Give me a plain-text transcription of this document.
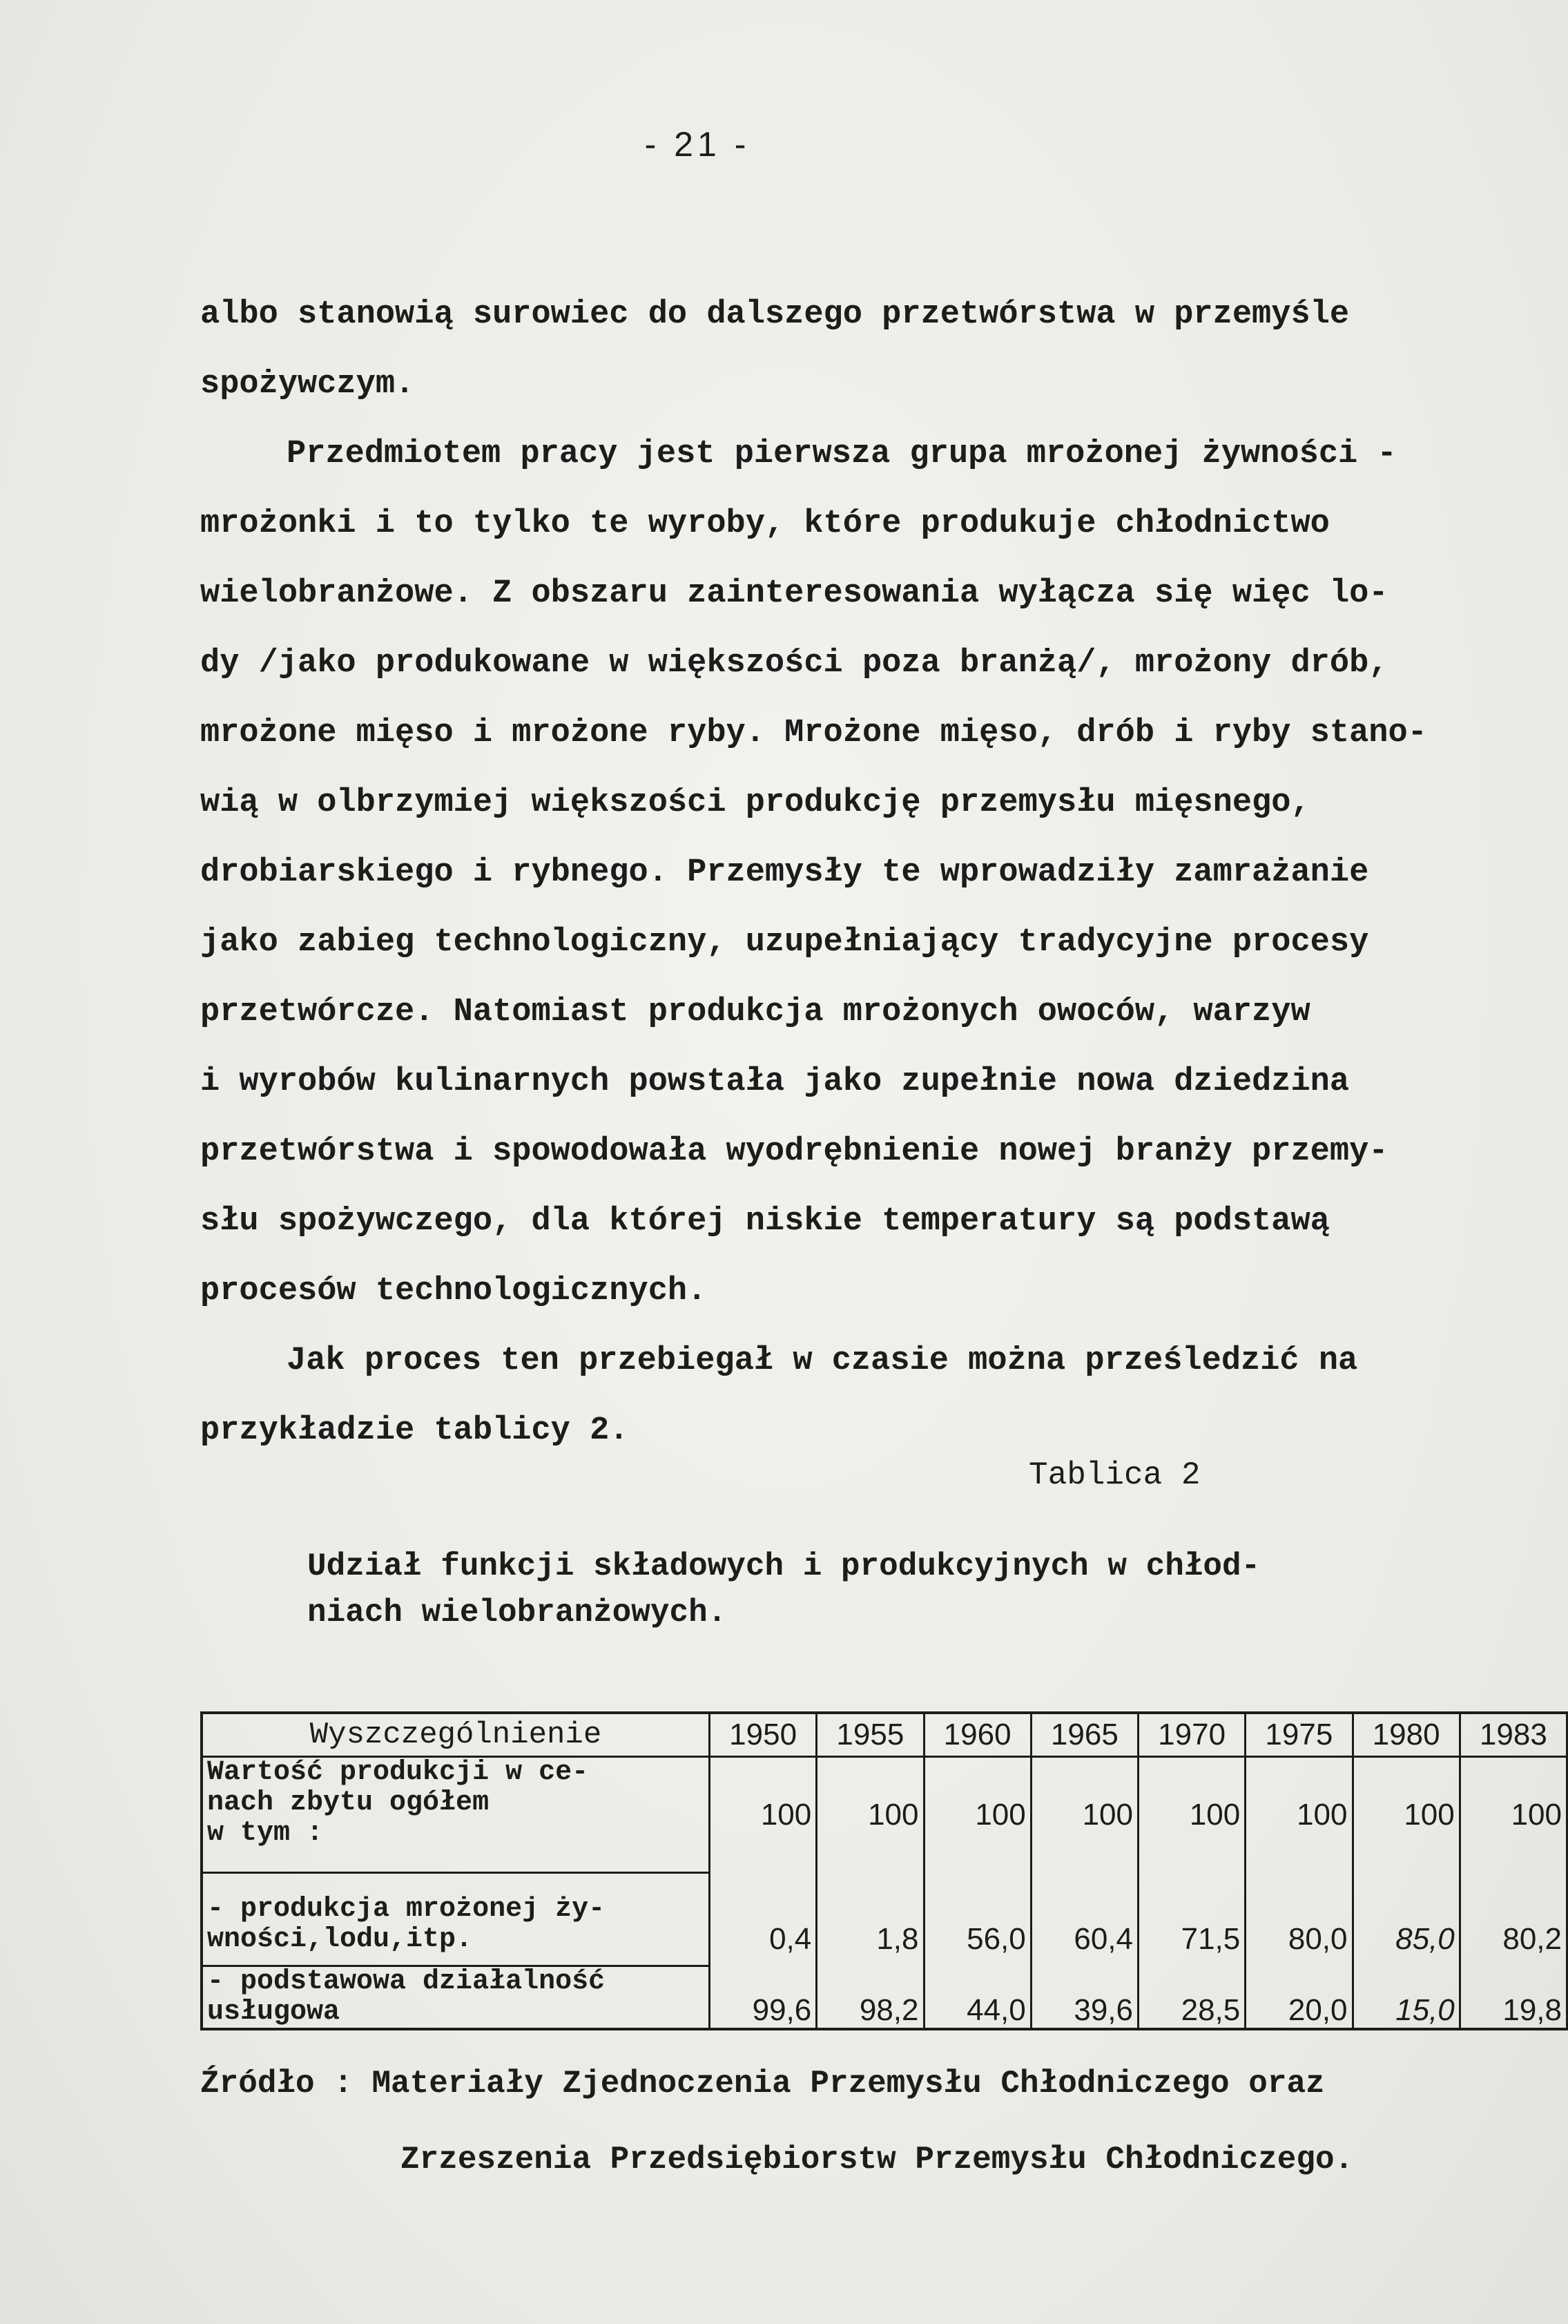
- 21 -

albo stanowią surowiec do dalszego przetwórstwa w przemyśle

spożywczym.

Przedmiotem pracy jest pierwsza grupa mrożonej żywności -

mrożonki i to tylko te wyroby, które produkuje chłodnictwo

wielobranżowe. Z obszaru zainteresowania wyłącza się więc lo-

dy /jako produkowane w większości poza branżą/, mrożony drób,

mrożone mięso i mrożone ryby. Mrożone mięso, drób i ryby stano-

wią w olbrzymiej większości produkcję przemysłu mięsnego,

drobiarskiego i rybnego. Przemysły te wprowadziły zamrażanie

jako zabieg technologiczny, uzupełniający tradycyjne procesy

przetwórcze. Natomiast produkcja mrożonych owoców, warzyw

i wyrobów kulinarnych powstała jako zupełnie nowa dziedzina

przetwórstwa i spowodowała wyodrębnienie nowej branży przemy-

słu spożywczego, dla której niskie temperatury są podstawą

procesów technologicznych.

Jak proces ten przebiegał w czasie można prześledzić na

przykładzie tablicy 2.

Tablica 2
Udział funkcji składowych i produkcyjnych w chłod-
niach wielobranżowych.
Wyszczególnienie	1950	1955	1960	1965	1970	1975	1980	1983
Wartość produkcji w ce-
nach zbytu ogółem
w tym :	100	100	100	100	100	100	100	100
- produkcja mrożonej ży-
wności,lodu,itp.	0,4	1,8	56,0	60,4	71,5	80,0	85,0	80,2
- podstawowa działalność
usługowa	99,6	98,2	44,0	39,6	28,5	20,0	15,0	19,8
Źródło : Materiały Zjednoczenia Przemysłu Chłodniczego oraz
Zrzeszenia Przedsiębiorstw Przemysłu Chłodniczego.
